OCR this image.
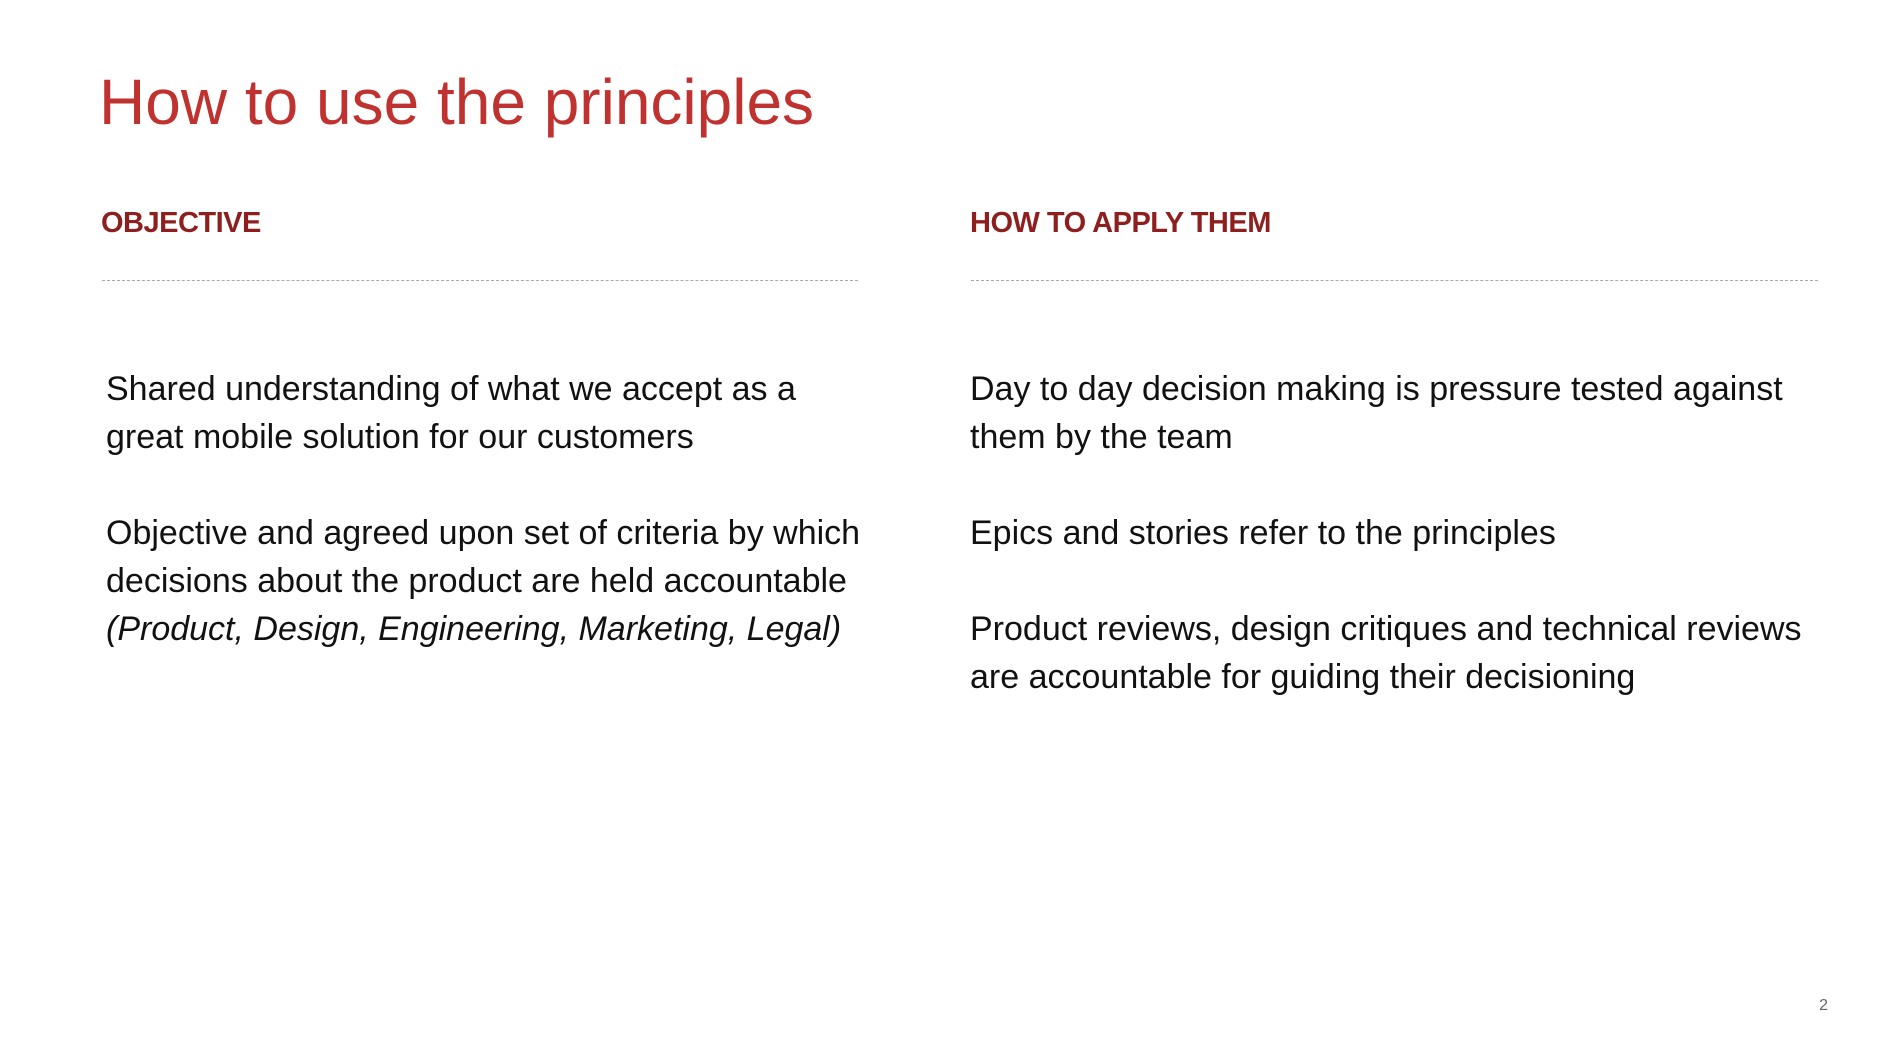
How to use the principles
OBJECTIVE

Shared understanding of what we accept as a great mobile solution for our customers

Objective and agreed upon set of criteria by which decisions about the product are held accountable (Product, Design, Engineering, Marketing, Legal)

HOW TO APPLY THEM

Day to day decision making is pressure tested against them by the team

Epics and stories refer to the principles

Product reviews, design critiques and technical reviews are accountable for guiding their decisioning

2
